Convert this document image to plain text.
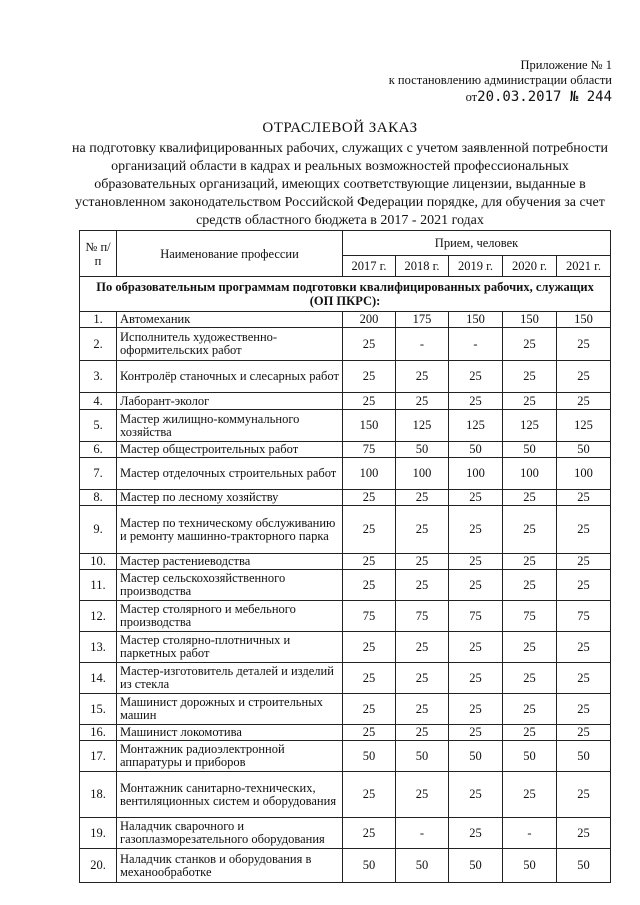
Приложение № 1
к постановлению администрации области
от20.03.2017 № 244
ОТРАСЛЕВОЙ ЗАКАЗ
на подготовку квалифицированных рабочих, служащих с учетом заявленной потребности организаций области в кадрах и реальных возможностей профессиональных образовательных организаций, имеющих соответствующие лицензии, выданные в установленном законодательством Российской Федерации порядке, для обучения за счет средств областного бюджета в 2017 - 2021 годах
№ п/п	Наименование профессии	Прием, человек				
		2017 г.	2018 г.	2019 г.	2020 г.	2021 г.
По образовательным программам подготовки квалифицированных рабочих, служащих (ОП ПКРС):						
1.	Автомеханик	200	175	150	150	150
2.	Исполнитель художественно-оформительских работ	25	-	-	25	25
3.	Контролёр станочных и слесарных работ	25	25	25	25	25
4.	Лаборант-эколог	25	25	25	25	25
5.	Мастер жилищно-коммунального хозяйства	150	125	125	125	125
6.	Мастер общестроительных работ	75	50	50	50	50
7.	Мастер отделочных строительных работ	100	100	100	100	100
8.	Мастер по лесному хозяйству	25	25	25	25	25
9.	Мастер по техническому обслуживанию и ремонту машинно-тракторного парка	25	25	25	25	25
10.	Мастер растениеводства	25	25	25	25	25
11.	Мастер сельскохозяйственного производства	25	25	25	25	25
12.	Мастер столярного и мебельного производства	75	75	75	75	75
13.	Мастер столярно-плотничных и паркетных работ	25	25	25	25	25
14.	Мастер-изготовитель деталей и изделий из стекла	25	25	25	25	25
15.	Машинист дорожных и строительных машин	25	25	25	25	25
16.	Машинист локомотива	25	25	25	25	25
17.	Монтажник радиоэлектронной аппаратуры и приборов	50	50	50	50	50
18.	Монтажник санитарно-технических, вентиляционных систем и оборудования	25	25	25	25	25
19.	Наладчик сварочного и газоплазморезательного оборудования	25	-	25	-	25
20.	Наладчик станков и оборудования в механообработке	50	50	50	50	50
